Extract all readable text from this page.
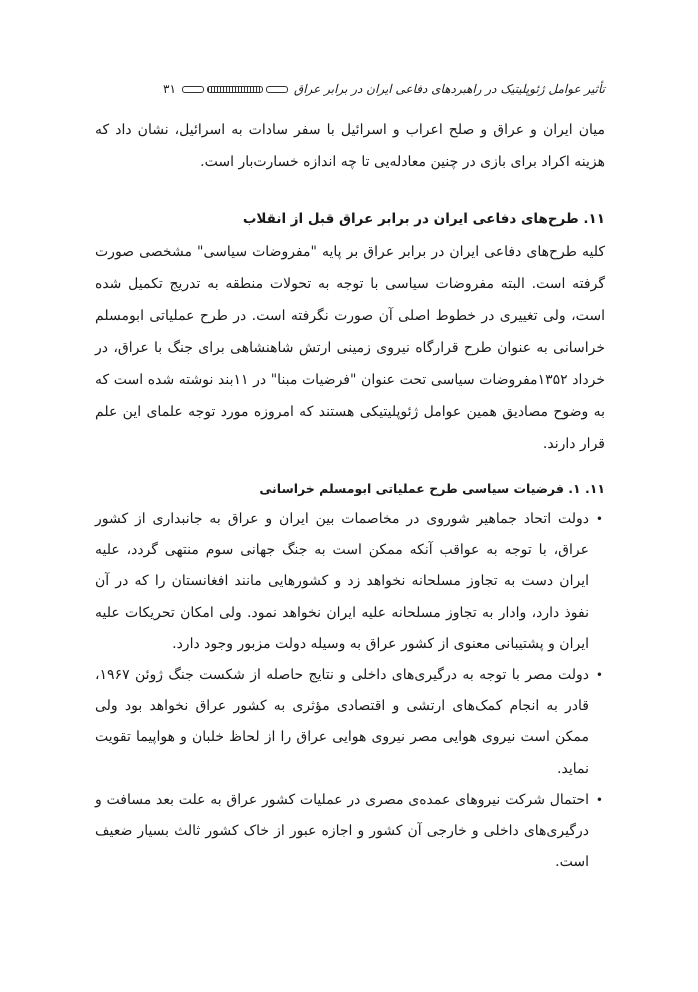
تأثیر عوامل ژئوپلیتیک در راهبردهای دفاعی ایران در برابر عراق
۳۱

میان ایران و عراق و صلح اعراب و اسرائیل با سفر سادات به اسرائیل، نشان داد که هزینه اکراد برای بازی در چنین معادله‌یی تا چه اندازه خسارت‌بار است.

۱۱. طرح‌های دفاعی ایران در برابر عراق قبل از انقلاب

کلیه طرح‌های دفاعی ایران در برابر عراق بر پایه "مفروضات سیاسی" مشخصی صورت گرفته است. البته مفروضات سیاسی با توجه به تحولات منطقه به تدریج تکمیل شده است، ولی تغییری در خطوط اصلی آن صورت نگرفته است. در طرح عملیاتی ابومسلم خراسانی به عنوان طرح قرارگاه نیروی زمینی ارتش شاهنشاهی برای جنگ با عراق، در خرداد ۱۳۵۲مفروضات سیاسی تحت عنوان "فرضیات مبنا" در ۱۱بند نوشته شده است که به وضوح مصادیق همین عوامل ژئوپلیتیکی هستند که امروزه مورد توجه علمای این علم قرار دارند.

۱۱. ۱. فرضیات سیاسی طرح عملیاتی ابومسلم خراسانی
•
دولت اتحاد جماهیر شوروی در مخاصمات بین ایران و عراق به جانبداری از کشور عراق، با توجه به عواقب آنکه ممکن است به جنگ جهانی سوم منتهی گردد، علیه ایران دست به تجاوز مسلحانه نخواهد زد و کشورهایی مانند افغانستان را که در آن نفوذ دارد، وادار به تجاوز مسلحانه علیه ایران نخواهد نمود. ولی امکان تحریکات علیه ایران و پشتیبانی معنوی از کشور عراق به وسیله دولت مزبور وجود دارد.
•
دولت مصر با توجه به درگیری‌های داخلی و نتایج حاصله از شکست جنگ ژوئن ۱۹۶۷، قادر به انجام کمک‌های ارتشی و اقتصادی مؤثری به کشور عراق نخواهد بود ولی ممکن است نیروی هوایی مصر نیروی هوایی عراق را از لحاظ خلبان و هواپیما تقویت نماید.
•
احتمال شرکت نیروهای عمده‌ی مصری در عملیات کشور عراق به علت بعد مسافت و درگیری‌های داخلی و خارجی آن کشور و اجازه عبور از خاک کشور ثالث بسیار ضعیف است.
